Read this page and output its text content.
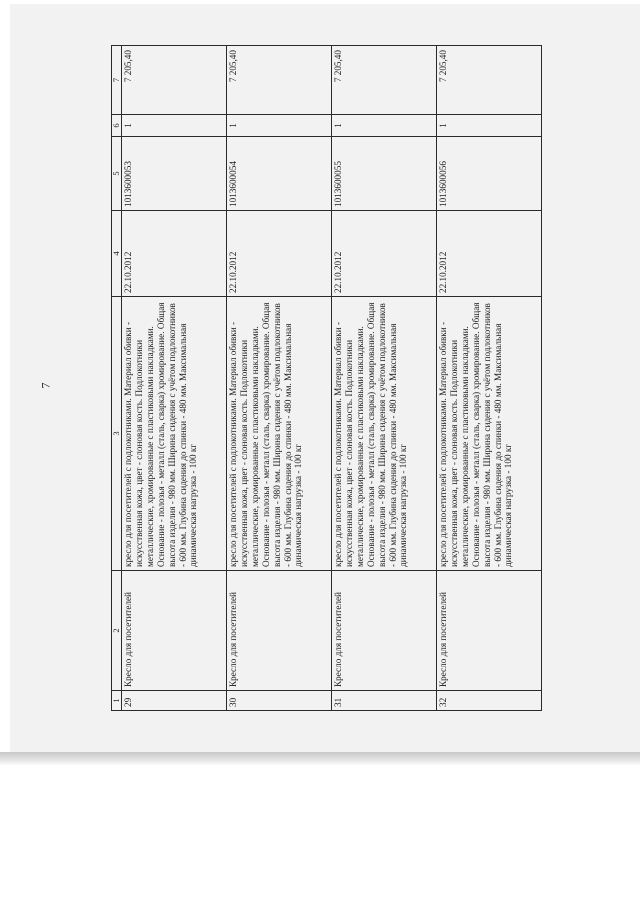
7
1	2	3	4	5	6	7
29	Кресло для посетителей	кресло для посетителей с подлокотниками. Материал обивки - искусственная кожа, цвет - слоновая кость. Подлокотники металлические, хромированные с пластиковыми накладками. Основание - полозья - металл (сталь, сварка) хромирование. Общая высота изделия - 980 мм. Ширина сидения с учётом подлокотников - 600 мм. Глубина сидения до спинки - 480 мм. Максимальная динамическая нагрузка - 100 кг	22.10.2012	1013600053	1	7 205,40
30	Кресло для посетителей	кресло для посетителей с подлокотниками. Материал обивки - искусственная кожа, цвет - слоновая кость. Подлокотники металлические, хромированные с пластиковыми накладками. Основание - полозья - металл (сталь, сварка) хромирование. Общая высота изделия - 980 мм. Ширина сидения с учётом подлокотников - 600 мм. Глубина сидения до спинки - 480 мм. Максимальная динамическая нагрузка - 100 кг	22.10.2012	1013600054	1	7 205,40
31	Кресло для посетителей	кресло для посетителей с подлокотниками. Материал обивки - искусственная кожа, цвет - слоновая кость. Подлокотники металлические, хромированные с пластиковыми накладками. Основание - полозья - металл (сталь, сварка) хромирование. Общая высота изделия - 980 мм. Ширина сидения с учётом подлокотников - 600 мм. Глубина сидения до спинки - 480 мм. Максимальная динамическая нагрузка - 100 кг	22.10.2012	1013600055	1	7 205,40
32	Кресло для посетителей	кресло для посетителей с подлокотниками. Материал обивки - искусственная кожа, цвет - слоновая кость. Подлокотники металлические, хромированные с пластиковыми накладками. Основание - полозья - металл (сталь, сварка) хромирование. Общая высота изделия - 980 мм. Ширина сидения с учётом подлокотников - 600 мм. Глубина сидения до спинки - 480 мм. Максимальная динамическая нагрузка - 100 кг	22.10.2012	1013600056	1	7 205,40
